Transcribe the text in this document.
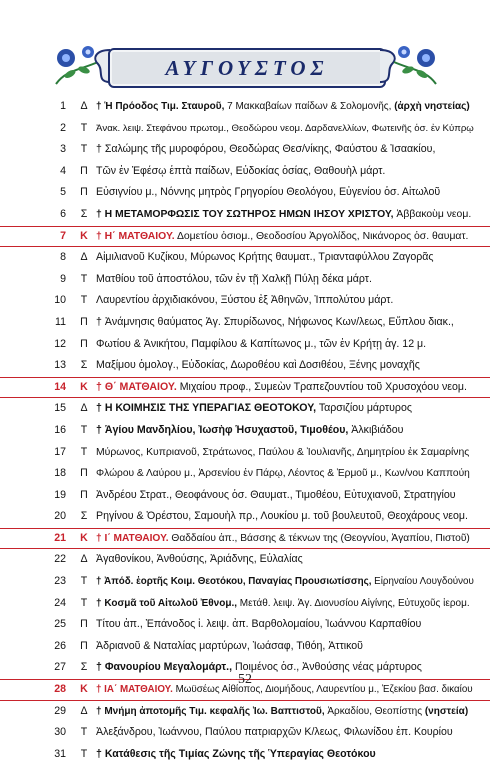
ΑΥΓΟΥΣΤΟΣ
1	Δ † Ἡ Πρόοδος Τιμ. Σταυροῦ, 7 Μακκαβαίων παίδων & Σολομονῆς, (ἀρχὴ νηστείας)
2	Τ Ἀνακ. λειψ. Στεφάνου πρωτομ., Θεοδώρου νεομ. Δαρδανελλίων, Φωτεινῆς ὁσ. ἐν Κύπρῳ
3	Τ † Σαλώμης τῆς μυροφόρου, Θεοδώρας Θεσ/νίκης, Φαύστου & Ἰσαακίου,
4 Π Τῶν ἐν Ἐφέσῳ ἑπτὰ παίδων, Εὐδοκίας ὁσίας, Θαθουὴλ μάρτ.
5 Π Εὐσιγνίου μ., Νόννης μητρὸς Γρηγορίου Θεολόγου, Εὐγενίου ὁσ. Αἰτωλοῦ
6	Σ † Η ΜΕΤΑΜΟΡΦΩΣΙΣ ΤΟΥ ΣΩΤΗΡΟΣ ΗΜΩΝ ΙΗΣΟΥ ΧΡΙΣΤΟΥ, Ἀββακοὺμ νεομ.
7 Κ † Η΄ ΜΑΤΘΑΙΟΥ. Δομετίου ὁσιομ., Θεοδοσίου Ἀργολίδος, Νικάνορος ὁσ. θαυματ.
8	Δ Αἰμιλιανοῦ Κυζίκου, Μύρωνος Κρήτης θαυματ., Τριανταφύλλου Ζαγορᾶς
9	Τ Ματθίου τοῦ ἀποστόλου, τῶν ἐν τῇ Χαλκῇ Πύλῃ δέκα μάρτ.
10	Τ Λαυρεντίου ἀρχιδιακόνου, Ξύστου ἐξ Ἀθηνῶν, Ἱππολύτου μάρτ.
11 Π † Ἀνάμνησις θαύματος Ἁγ. Σπυρίδωνος, Νήφωνος Κων/λεως, Εὔπλου διακ.,
12 Π Φωτίου & Ἀνικήτου, Παμφίλου & Καπίτωνος μ., τῶν ἐν Κρήτῃ ἁγ. 12 μ.
13	Σ Μαξίμου ὁμολογ., Εὐδοκίας, Δωροθέου καὶ Δοσιθέου, Ξένης μοναχῆς
14 Κ † Θ΄ ΜΑΤΘΑΙΟΥ. Μιχαίου προφ., Συμεὼν Τραπεζουντίου τοῦ Χρυσοχόου νεομ.
15	Δ † Η ΚΟΙΜΗΣΙΣ ΤΗΣ ΥΠΕΡΑΓΙΑΣ ΘΕΟΤΟΚΟΥ, Ταρσιζίου μάρτυρος
16	Τ † Ἁγίου Μανδηλίου, Ἰωσὴφ Ἡσυχαστοῦ, Τιμοθέου, Ἀλκιβιάδου
17	Τ Μύρωνος, Κυπριανοῦ, Στράτωνος, Παύλου & Ἰουλιανῆς, Δημητρίου ἐκ Σαμαρίνης
18 Π Φλώρου & Λαύρου μ., Ἀρσενίου ἐν Πάρῳ, Λέοντος & Ἑρμοῦ μ., Κων/νου Καππούη
19 Π Ἀνδρέου Στρατ., Θεοφάνους ὁσ. Θαυματ., Τιμοθέου, Εὐτυχιανοῦ, Στρατηγίου
20	Σ Ρηγίνου & Ὀρέστου, Σαμουὴλ πρ., Λουκίου μ. τοῦ βουλευτοῦ, Θεοχάρους νεομ.
21 Κ † Ι΄ ΜΑΤΘΑΙΟΥ. Θαδδαίου ἀπ., Βάσσης & τέκνων της (Θεογνίου, Ἀγαπίου, Πιστοῦ)
22	Δ Ἀγαθονίκου, Ἀνθούσης, Ἀριάδνης, Εὐλαλίας
23	Τ † Ἀπόδ. ἑορτῆς Κοιμ. Θεοτόκου, Παναγίας Προυσιωτίσσης, Εἰρηναίου Λουγδούνου
24	Τ † Κοσμᾶ τοῦ Αἰτωλοῦ Ἐθνομ., Μετάθ. λειψ. Ἁγ. Διονυσίου Αἰγίνης, Εὐτυχοῦς ἱερομ.
25 Π Τίτου ἀπ., Ἐπάνοδος ἱ. λειψ. ἀπ. Βαρθολομαίου, Ἰωάννου Καρπαθίου
26 Π Ἀδριανοῦ & Ναταλίας μαρτύρων, Ἰωάσαφ, Τιθόη, Ἀττικοῦ
27	Σ † Φανουρίου Μεγαλομάρτ., Ποιμένος ὁσ., Ἀνθούσης νέας μάρτυρος
28 Κ † ΙΑ΄ ΜΑΤΘΑΙΟΥ. Μωϋσέως Αἰθίοπος, Διομήδους, Λαυρεντίου μ., Ἐζεκίου βασ. δικαίου
29	Δ † Μνήμη ἀποτομῆς Τιμ. κεφαλῆς Ἰω. Βαπτιστοῦ, Ἀρκαδίου, Θεοπίστης (νηστεία)
30	Τ Ἀλεξάνδρου, Ἰωάννου, Παύλου πατριαρχῶν Κ/λεως, Φιλωνίδου ἐπ. Κουρίου
31	Τ † Κατάθεσις τῆς Τιμίας Ζώνης τῆς Ὑπεραγίας Θεοτόκου
52
